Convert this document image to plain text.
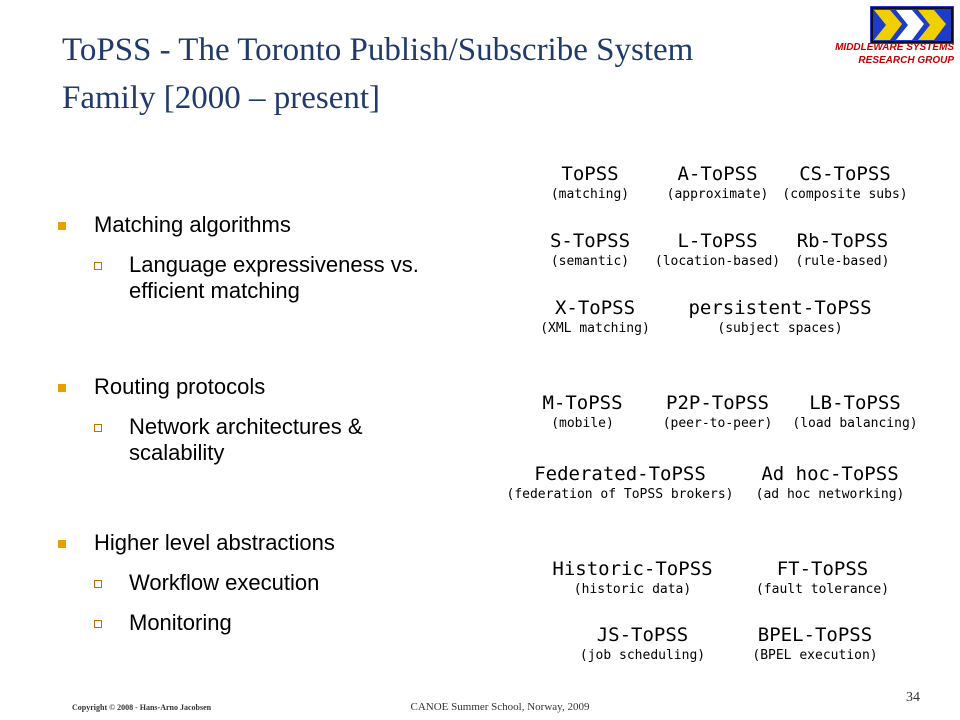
ToPSS - The Toronto Publish/Subscribe System Family [2000 – present]
MIDDLEWARE SYSTEMS
RESEARCH GROUP
Matching algorithms
Language expressiveness vs. efficient matching
Routing protocols
Network architectures & scalability
Higher level abstractions
Workflow execution
Monitoring
ToPSS
(matching)
A-ToPSS
(approximate)
CS-ToPSS
(composite subs)
S-ToPSS
(semantic)
L-ToPSS
(location-based)
Rb-ToPSS
(rule-based)
X-ToPSS
(XML matching)
persistent-ToPSS
(subject spaces)
M-ToPSS
(mobile)
P2P-ToPSS
(peer-to-peer)
LB-ToPSS
(load balancing)
Federated-ToPSS
(federation of ToPSS brokers)
Ad hoc-ToPSS
(ad hoc networking)
Historic-ToPSS
(historic data)
FT-ToPSS
(fault tolerance)
JS-ToPSS
(job scheduling)
BPEL-ToPSS
(BPEL execution)
Copyright © 2008 - Hans-Arno Jacobsen	CANOE Summer School, Norway, 2009
34
